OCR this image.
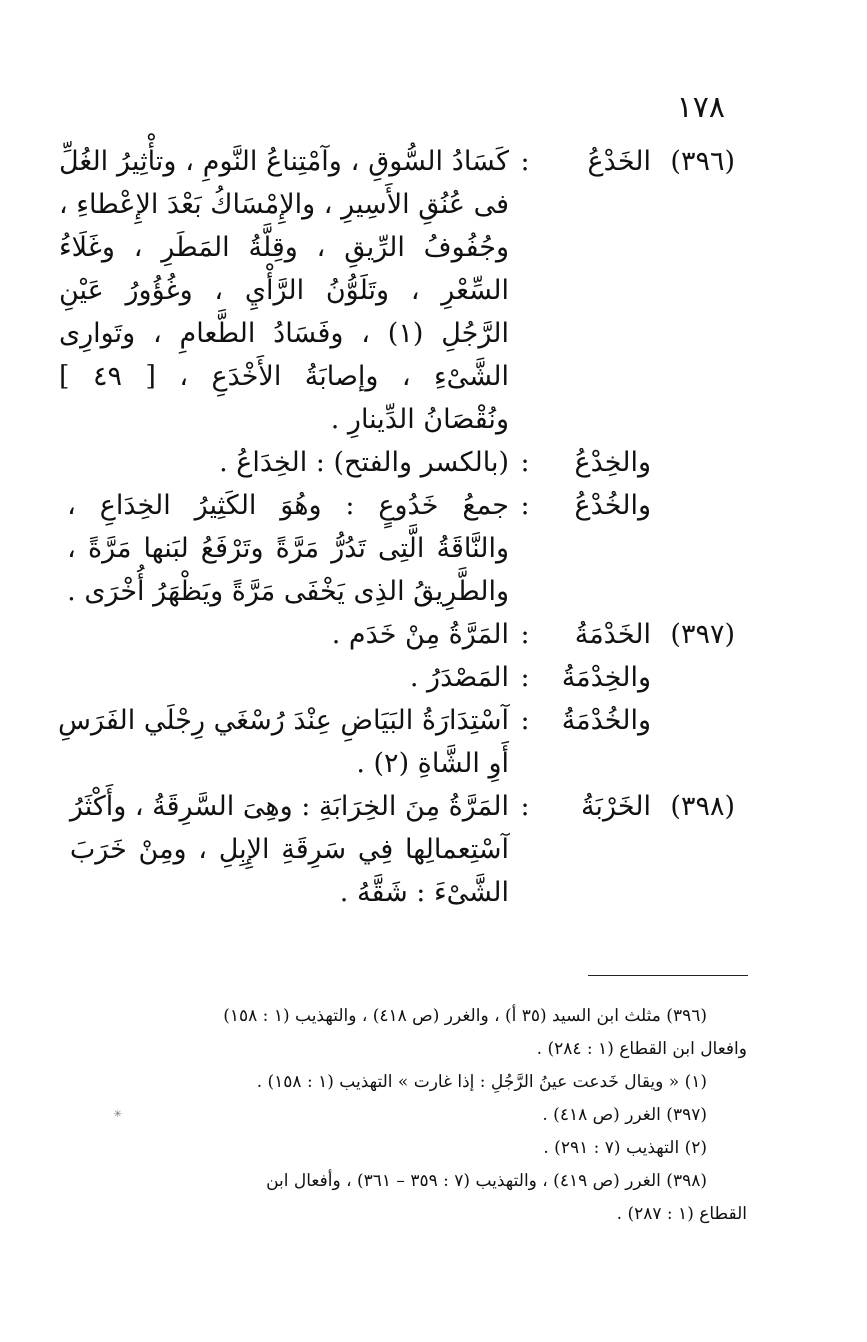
١٧٨
(٣٩٦)
الخَدْعُ
:
كَسَادُ السُّوقِ ، وآمْتِناعُ النَّومِ ، وتأْثِيرُ الغُلِّ
فى عُنُقِ الأَسِيرِ ، والإِمْسَاكُ بَعْدَ الإِعْطاءِ ،
وجُفُوفُ الرِّيقِ ، وقِلَّةُ المَطَرِ ، وغَلَاءُ
السِّعْرِ ، وتَلَوُّنُ الرَّأْيِ ، وغُؤُورُ عَيْنِ
الرَّجُلِ (١) ، وفَسَادُ الطَّعامِ ، وتَوارِى
الشَّىْءِ ، وإصابَةُ الأَخْدَعِ ، [ ٤٩ ]
ونُقْصَانُ الدِّينارِ .
والخِدْعُ
:
(بالكسر والفتح) : الخِدَاعُ .
والخُدْعُ
:
جمعُ خَدُوعٍ : وهُوَ الكَثِيرُ الخِدَاعِ ،
والنَّاقَةُ الَّتِى تَدُرُّ مَرَّةً وتَرْفَعُ لبَنها مَرَّةً ،
والطَّرِيقُ الذِى يَخْفَى مَرَّةً ويَظْهَرُ أُخْرَى .
(٣٩٧)
الخَدْمَةُ
:
المَرَّةُ مِنْ خَدَم .
والخِدْمَةُ
:
المَصْدَرُ .
والخُدْمَةُ
:
آسْتِدَارَةُ البَيَاضِ عِنْدَ رُسْغَي رِجْلَي الفَرَسِ
أَوِ الشَّاةِ (٢) .
(٣٩٨)
الخَرْبَةُ
:
المَرَّةُ مِنَ الخِرَابَةِ : وهِىَ السَّرِقَةُ ، وأَكْثَرُ
آسْتِعمالِها فِي سَرِقَةِ الإِبِلِ ، ومِنْ خَرَبَ
الشَّىْءَ : شَقَّهُ .
(٣٩٦) مثلث ابن السيد (٣٥ أ) ، والغرر (ص ٤١٨) ، والتهذيب (١ : ١٥٨)
وافعال ابن القطاع (١ : ٢٨٤) .
(١) « ويقال خَدعت عينُ الرَّجُلِ : إذا غارت » التهذيب (١ : ١٥٨) .
(٣٩٧) الغرر (ص ٤١٨) .
(٢) التهذيب (٧ : ٢٩١) .
(٣٩٨) الغرر (ص ٤١٩) ، والتهذيب (٧ : ٣٥٩ – ٣٦١) ، وأفعال ابن
القطاع (١ : ٢٨٧) .
✳
